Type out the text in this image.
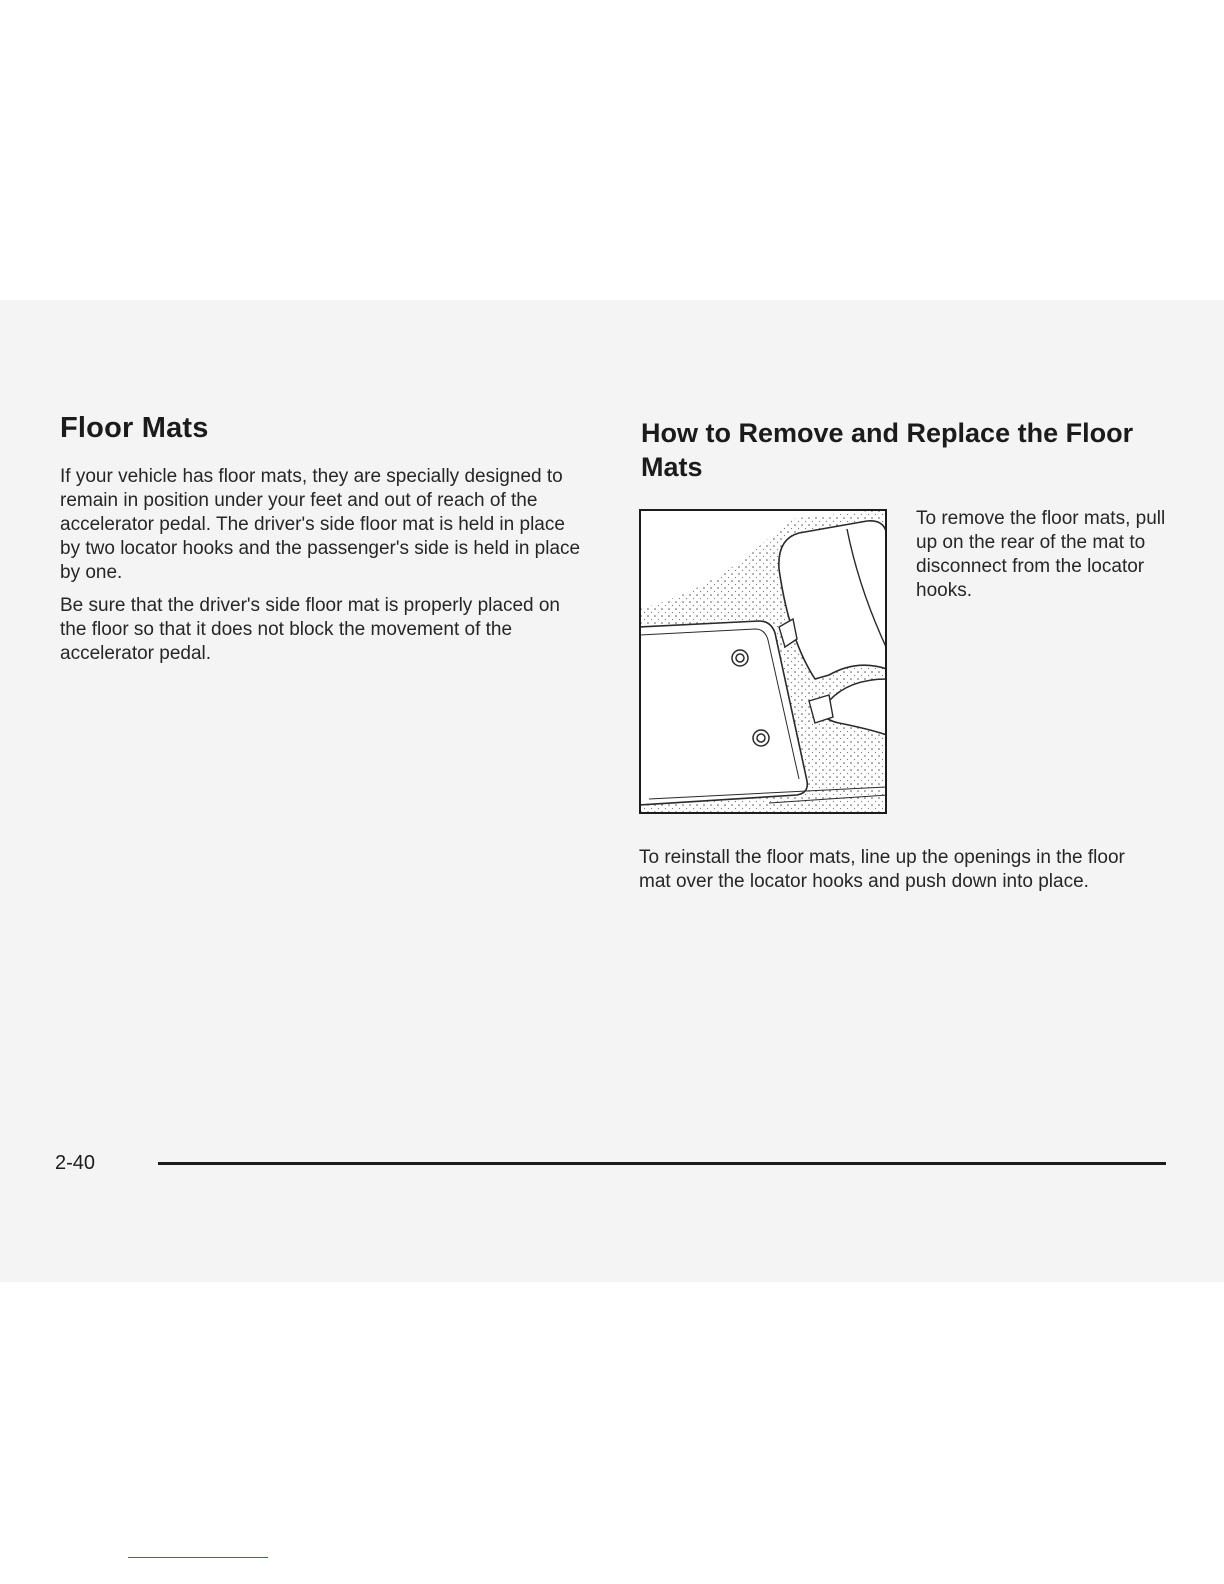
Floor Mats

If your vehicle has floor mats, they are specially designed to remain in position under your feet and out of reach of the accelerator pedal. The driver's side floor mat is held in place by two locator hooks and the passenger's side is held in place by one.

Be sure that the driver's side floor mat is properly placed on the floor so that it does not block the movement of the accelerator pedal.

How to Remove and Replace the Floor Mats

To remove the floor mats, pull up on the rear of the mat to disconnect from the locator hooks.

To reinstall the floor mats, line up the openings in the floor mat over the locator hooks and push down into place.

2-40
